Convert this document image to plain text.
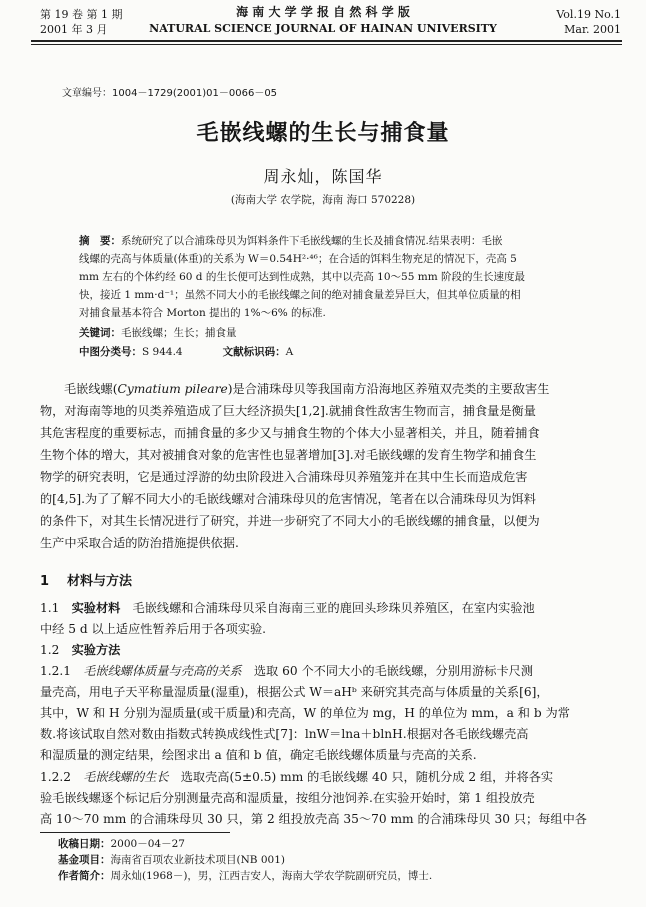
第 19 卷 第 1 期
2001 年 3 月
海 南 大 学 学 报 自 然 科 学 版
NATURAL SCIENCE JOURNAL OF HAINAN UNIVERSITY
Vol.19 No.1
Mar. 2001
文章编号：1004－1729(2001)01－0066－05
毛嵌线螺的生长与捕食量
周永灿，陈国华
(海南大学 农学院，海南 海口 570228)
摘　要：系统研究了以合浦珠母贝为饵料条件下毛嵌线螺的生长及捕食情况.结果表明：毛嵌
线螺的壳高与体质量(体重)的关系为 W＝0.54H²·⁴⁶；在合适的饵料生物充足的情况下，壳高 5
mm 左右的个体约经 60 d 的生长便可达到性成熟，其中以壳高 10～55 mm 阶段的生长速度最
快，接近 1 mm·d⁻¹；虽然不同大小的毛嵌线螺之间的绝对捕食量差异巨大，但其单位质量的相
对捕食量基本符合 Morton 提出的 1%～6% 的标准.
关键词：毛嵌线螺；生长；捕食量
中图分类号：S 944.4	文献标识码：A
毛嵌线螺(Cymatium pileare)是合浦珠母贝等我国南方沿海地区养殖双壳类的主要敌害生
物，对海南等地的贝类养殖造成了巨大经济损失[1,2].就捕食性敌害生物而言，捕食量是衡量
其危害程度的重要标志，而捕食量的多少又与捕食生物的个体大小显著相关，并且，随着捕食
生物个体的增大，其对被捕食对象的危害性也显著增加[3].对毛嵌线螺的发育生物学和捕食生
物学的研究表明，它是通过浮游的幼虫阶段进入合浦珠母贝养殖笼并在其中生长而造成危害
的[4,5].为了了解不同大小的毛嵌线螺对合浦珠母贝的危害情况，笔者在以合浦珠母贝为饵料
的条件下，对其生长情况进行了研究，并进一步研究了不同大小的毛嵌线螺的捕食量，以便为
生产中采取合适的防治措施提供依据.
1 材料与方法
1.1　 实验材料　 毛嵌线螺和合浦珠母贝采自海南三亚的鹿回头珍珠贝养殖区，在室内实验池
中经 5 d 以上适应性暂养后用于各项实验.
1.2　 实验方法
1.2.1　 毛嵌线螺体质量与壳高的关系　 选取 60 个不同大小的毛嵌线螺，分别用游标卡尺测
量壳高，用电子天平称量湿质量(湿重)，根据公式 W＝aHᵇ 来研究其壳高与体质量的关系[6]，
其中，W 和 H 分别为湿质量(或干质量)和壳高，W 的单位为 mg，H 的单位为 mm，a 和 b 为常
数.将该试取自然对数由指数式转换成线性式[7]：lnW＝lna＋blnH.根据对各毛嵌线螺壳高
和湿质量的测定结果，绘图求出 a 值和 b 值，确定毛嵌线螺体质量与壳高的关系.
1.2.2　 毛嵌线螺的生长　 选取壳高(5±0.5) mm 的毛嵌线螺 40 只，随机分成 2 组，并将各实
验毛嵌线螺逐个标记后分别测量壳高和湿质量，按组分池饲养.在实验开始时，第 1 组投放壳
高 10～70 mm 的合浦珠母贝 30 只，第 2 组投放壳高 35～70 mm 的合浦珠母贝 30 只；每组中各
收稿日期：2000－04－27
基金项目：海南省百项农业新技术项目(NB 001)
作者简介：周永灿(1968－)，男，江西吉安人，海南大学农学院副研究员，博士.
